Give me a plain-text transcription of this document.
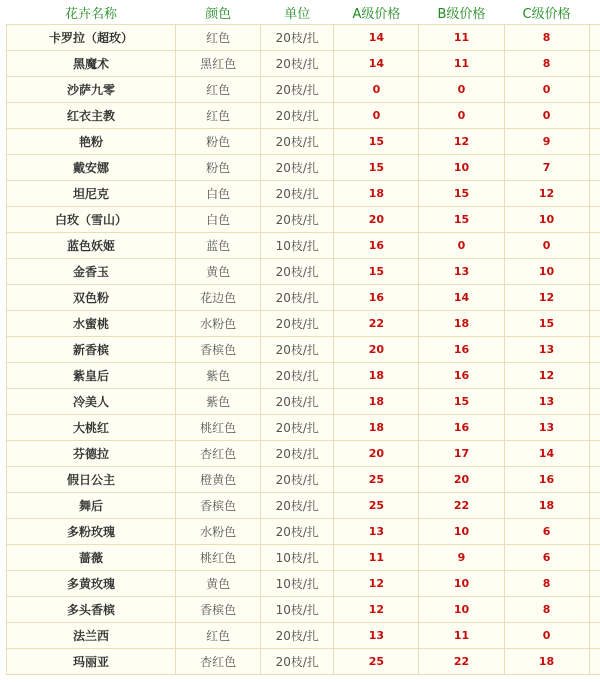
花卉名称	颜色	单位	A级价格	B级价格	C级价格	
卡罗拉（超玫）	红色	20枝/扎	14	11	8	
黑魔术	黑红色	20枝/扎	14	11	8	
沙萨九零	红色	20枝/扎	0	0	0	
红衣主教	红色	20枝/扎	0	0	0	
艳粉	粉色	20枝/扎	15	12	9	
戴安娜	粉色	20枝/扎	15	10	7	
坦尼克	白色	20枝/扎	18	15	12	
白玫（雪山）	白色	20枝/扎	20	15	10	
蓝色妖姬	蓝色	10枝/扎	16	0	0	
金香玉	黄色	20枝/扎	15	13	10	
双色粉	花边色	20枝/扎	16	14	12	
水蜜桃	水粉色	20枝/扎	22	18	15	
新香槟	香槟色	20枝/扎	20	16	13	
紫皇后	紫色	20枝/扎	18	16	12	
冷美人	紫色	20枝/扎	18	15	13	
大桃红	桃红色	20枝/扎	18	16	13	
芬德拉	杏红色	20枝/扎	20	17	14	
假日公主	橙黄色	20枝/扎	25	20	16	
舞后	香槟色	20枝/扎	25	22	18	
多粉玫瑰	水粉色	20枝/扎	13	10	6	
蔷薇	桃红色	10枝/扎	11	9	6	
多黄玫瑰	黄色	10枝/扎	12	10	8	
多头香槟	香槟色	10枝/扎	12	10	8	
法兰西	红色	20枝/扎	13	11	0	
玛丽亚	杏红色	20枝/扎	25	22	18	
